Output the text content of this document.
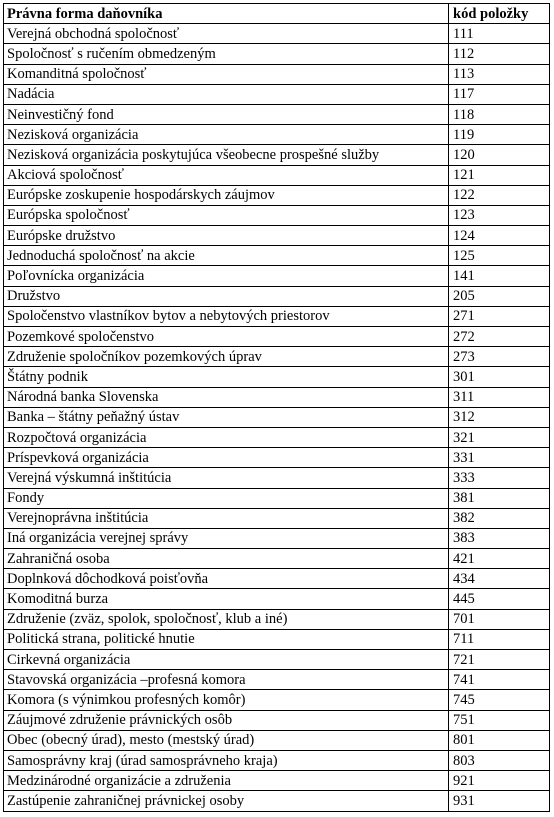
Právna forma daňovníka	kód položky
Verejná obchodná spoločnosť	111
Spoločnosť s ručením obmedzeným	112
Komanditná spoločnosť	113
Nadácia	117
Neinvestičný fond	118
Nezisková organizácia	119
Nezisková organizácia poskytujúca všeobecne prospešné služby	120
Akciová spoločnosť	121
Európske zoskupenie hospodárskych záujmov	122
Európska spoločnosť	123
Európske družstvo	124
Jednoduchá spoločnosť na akcie	125
Poľovnícka organizácia	141
Družstvo	205
Spoločenstvo vlastníkov bytov a nebytových priestorov	271
Pozemkové spoločenstvo	272
Združenie spoločníkov pozemkových úprav	273
Štátny podnik	301
Národná banka Slovenska	311
Banka – štátny peňažný ústav	312
Rozpočtová organizácia	321
Príspevková organizácia	331
Verejná výskumná inštitúcia	333
Fondy	381
Verejnoprávna inštitúcia	382
Iná organizácia verejnej správy	383
Zahraničná osoba	421
Doplnková dôchodková poisťovňa	434
Komoditná burza	445
Združenie (zväz, spolok, spoločnosť, klub a iné)	701
Politická strana, politické hnutie	711
Cirkevná organizácia	721
Stavovská organizácia –profesná komora	741
Komora (s výnimkou profesných komôr)	745
Záujmové združenie právnických osôb	751
Obec (obecný úrad), mesto (mestský úrad)	801
Samosprávny kraj (úrad samosprávneho kraja)	803
Medzinárodné organizácie a združenia	921
Zastúpenie zahraničnej právnickej osoby	931
